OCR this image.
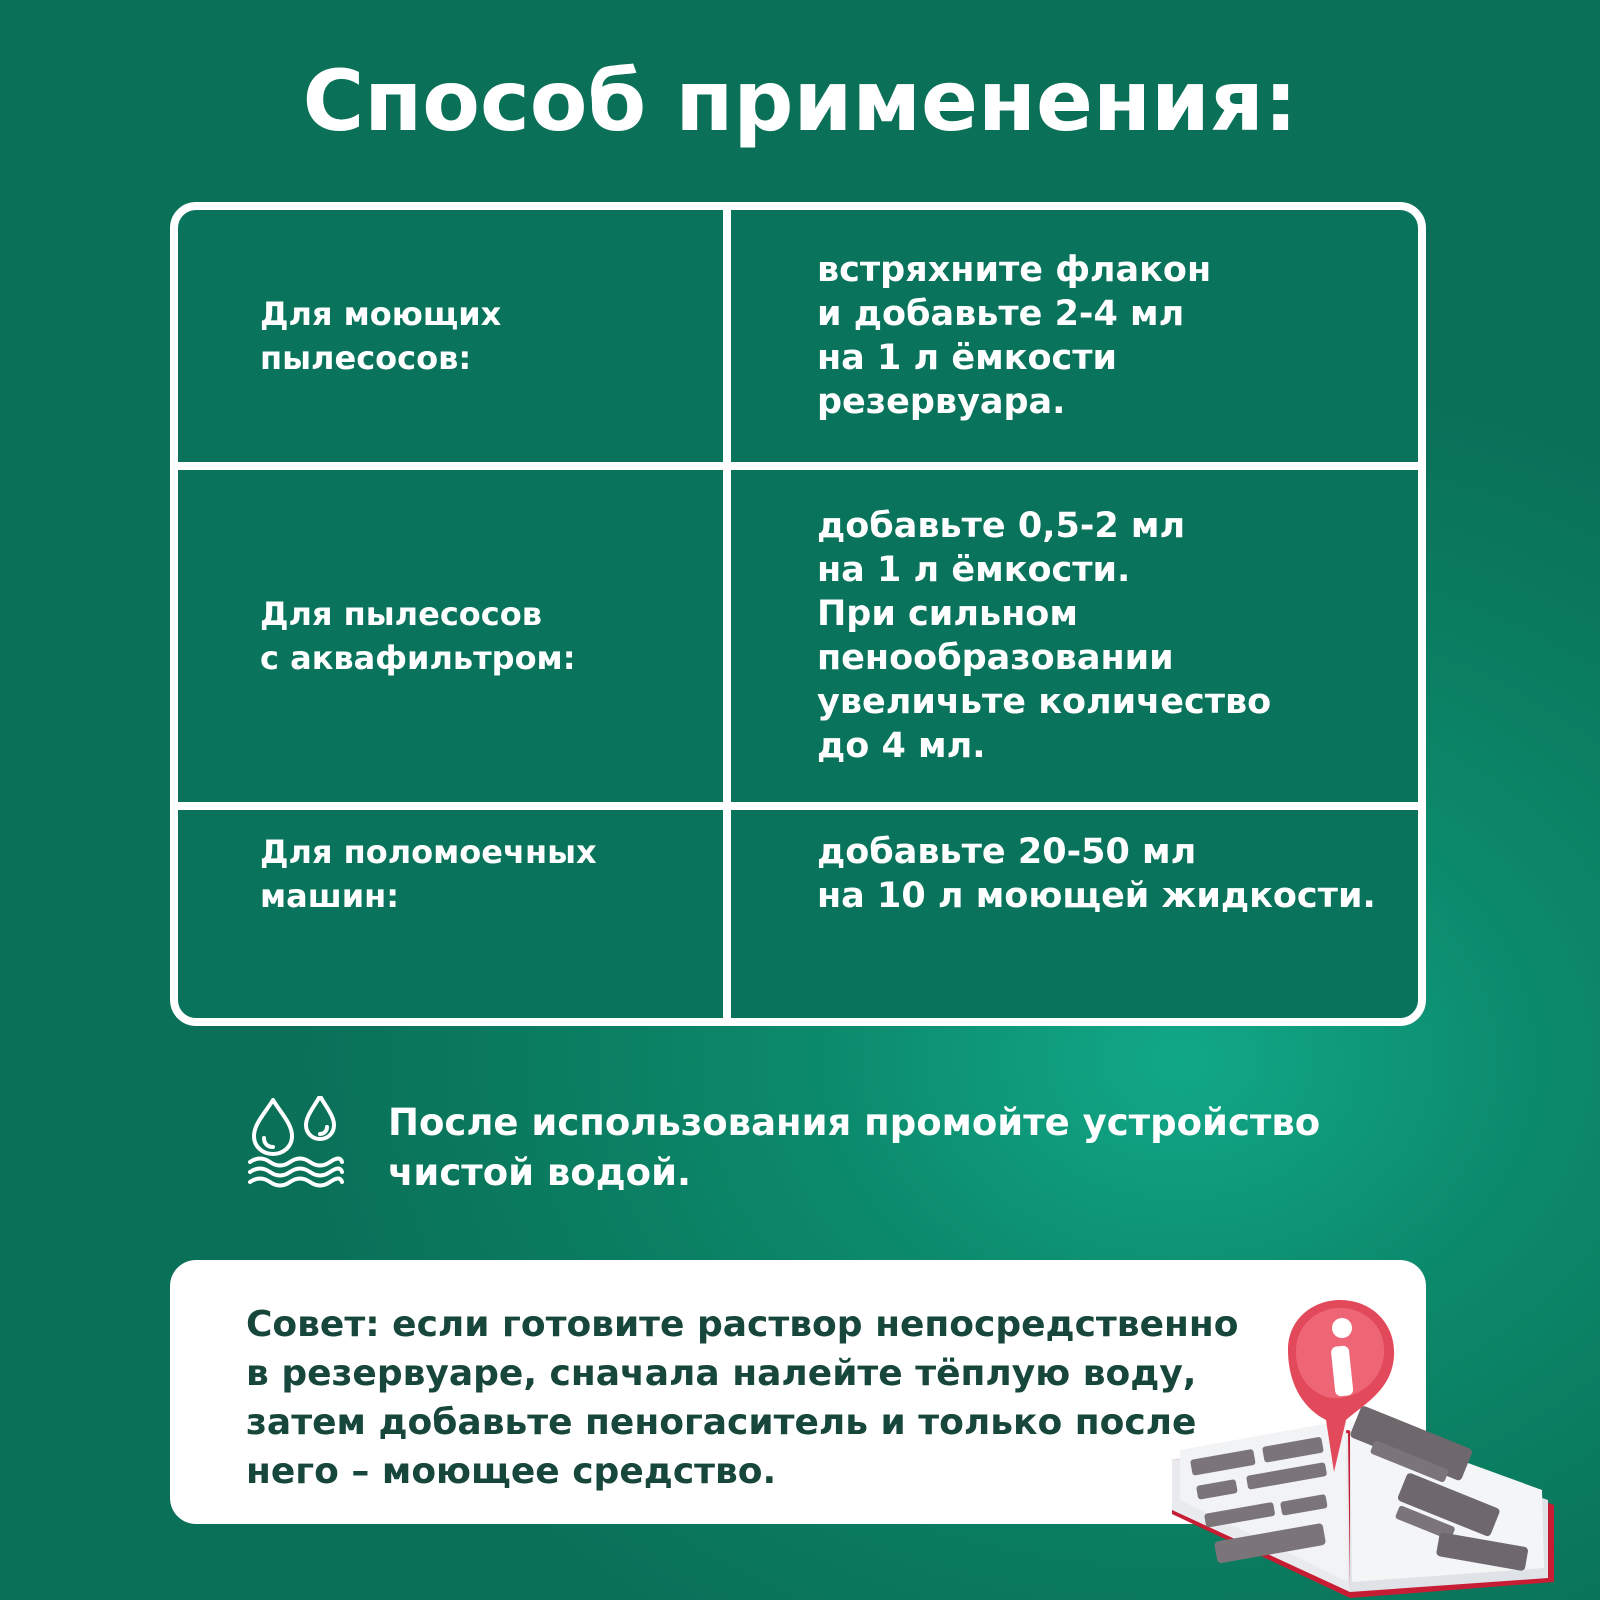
Способ применения:
Для моющих
пылесосов:
встряхните флакон
и добавьте 2-4 мл
на 1 л ёмкости
резервуара.
Для пылесосов
с аквафильтром:
добавьте 0,5-2 мл
на 1 л ёмкости.
При сильном
пенообразовании
увеличьте количество
до 4 мл.
Для поломоечных
машин:
добавьте 20-50 мл
на 10 л моющей жидкости.
После использования промойте устройство
чистой водой.
Совет: если готовите раствор непосредственно
в резервуаре, сначала налейте тёплую воду,
затем добавьте пеногаситель и только после
него – моющее средство.
